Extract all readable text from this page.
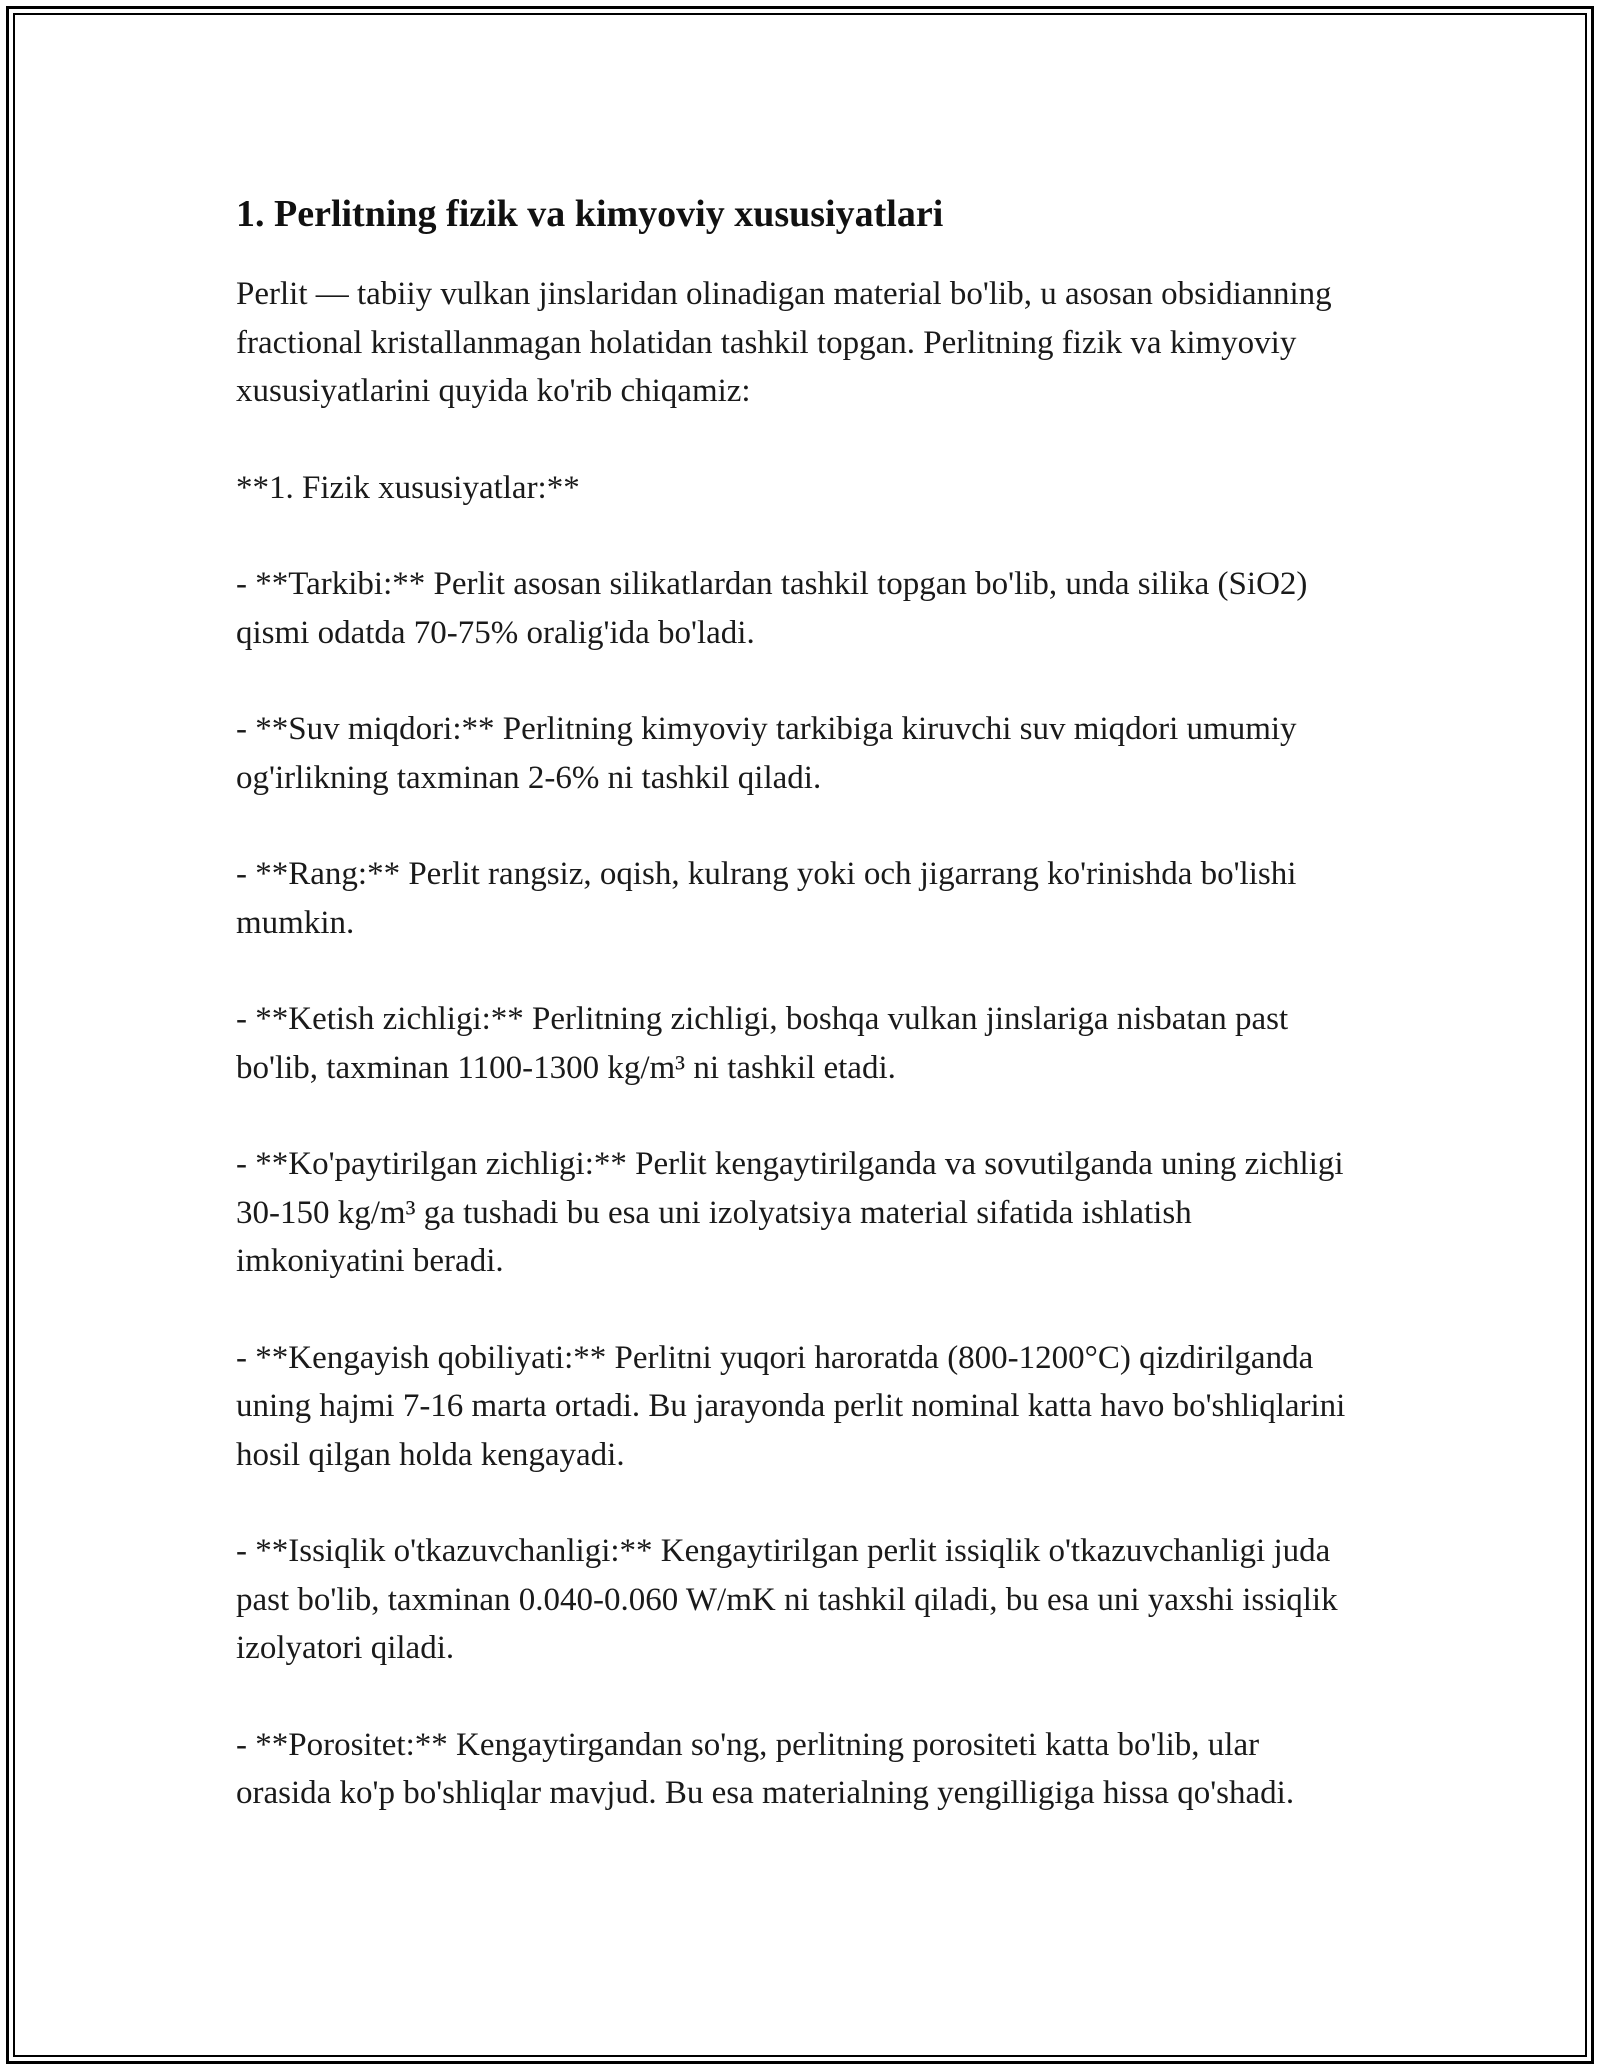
1. Perlitning fizik va kimyoviy xususiyatlari

Perlit — tabiiy vulkan jinslaridan olinadigan material bo'lib, u asosan obsidianning fractional kristallanmagan holatidan tashkil topgan. Perlitning fizik va kimyoviy xususiyatlarini quyida ko'rib chiqamiz:

**1. Fizik xususiyatlar:**

- **Tarkibi:** Perlit asosan silikatlardan tashkil topgan bo'lib, unda silika (SiO2) qismi odatda 70-75% oralig'ida bo'ladi.

- **Suv miqdori:** Perlitning kimyoviy tarkibiga kiruvchi suv miqdori umumiy og'irlikning taxminan 2-6% ni tashkil qiladi.

- **Rang:** Perlit rangsiz, oqish, kulrang yoki och jigarrang ko'rinishda bo'lishi mumkin.

- **Ketish zichligi:** Perlitning zichligi, boshqa vulkan jinslariga nisbatan past bo'lib, taxminan 1100-1300 kg/m³ ni tashkil etadi.

- **Ko'paytirilgan zichligi:** Perlit kengaytirilganda va sovutilganda uning zichligi 30-150 kg/m³ ga tushadi bu esa uni izolyatsiya material sifatida ishlatish imkoniyatini beradi.

- **Kengayish qobiliyati:** Perlitni yuqori haroratda (800-1200°C) qizdirilganda uning hajmi 7-16 marta ortadi. Bu jarayonda perlit nominal katta havo bo'shliqlarini hosil qilgan holda kengayadi.

- **Issiqlik o'tkazuvchanligi:** Kengaytirilgan perlit issiqlik o'tkazuvchanligi juda past bo'lib, taxminan 0.040-0.060 W/mK ni tashkil qiladi, bu esa uni yaxshi issiqlik izolyatori qiladi.

- **Porositet:** Kengaytirgandan so'ng, perlitning porositeti katta bo'lib, ular orasida ko'p bo'shliqlar mavjud. Bu esa materialning yengilligiga hissa qo'shadi.
